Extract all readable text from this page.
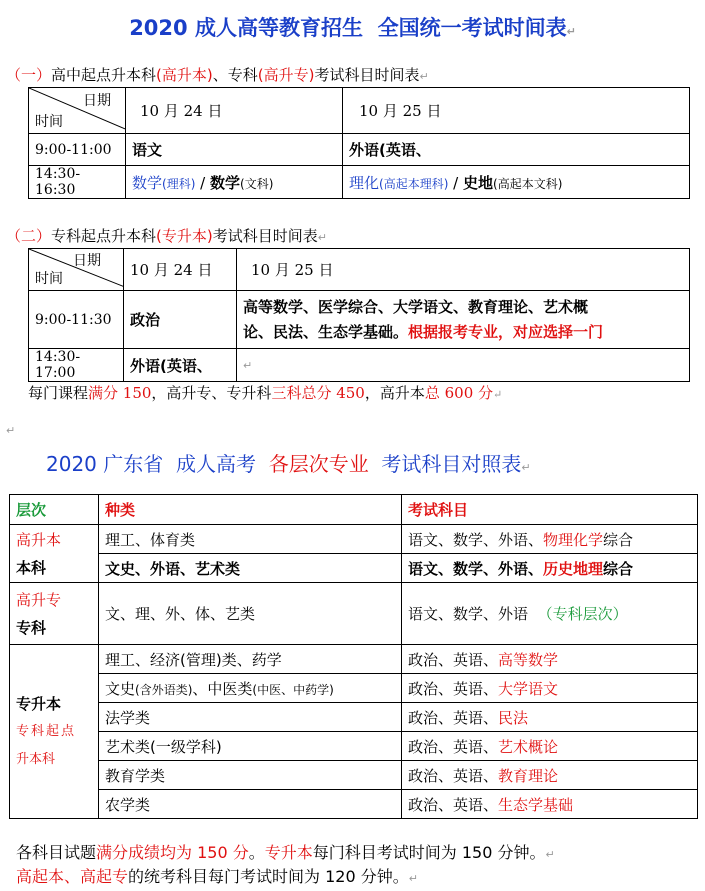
2020 成人高等教育招生 全国统一考试时间表↵
（一）高中起点升本科(高升本)、专科(高升专)考试科目时间表↵
日期
时间	10 月 24 日	10 月 25 日
9:00-11:00	语文	外语(英语、
14:30-16:30	数学(理科) / 数学(文科)	理化(高起本理科) / 史地(高起本文科)
（二）专科起点升本科(专升本)考试科目时间表↵
日期
时间	10 月 24 日	10 月 25 日
9:00-11:30	政治	高等数学、医学综合、大学语文、教育理论、艺术概
论、民法、生态学基础。根据报考专业，对应选择一门
14:30-17:00	外语(英语、	↵
每门课程满分 150，高升专、专升科三科总分 450，高升本总 600 分↵
↵
2020 广东省 成人高考 各层次专业 考试科目对照表↵
层次	种类	考试科目
高升本
本科	理工、体育类	语文、数学、外语、物理化学综合
	文史、外语、艺术类	语文、数学、外语、历史地理综合
高升专
专科	文、理、外、体、艺类	语文、数学、外语 （专科层次）
专升本
专科起点
升本科	理工、经济(管理)类、药学	政治、英语、高等数学
	文史(含外语类)、中医类(中医、中药学)	政治、英语、大学语文
	法学类	政治、英语、民法
	艺术类(一级学科)	政治、英语、艺术概论
	教育学类	政治、英语、教育理论
	农学类	政治、英语、生态学基础
各科目试题满分成绩均为 150 分。专升本每门科目考试时间为 150 分钟。↵
高起本、高起专的统考科目每门考试时间为 120 分钟。↵
